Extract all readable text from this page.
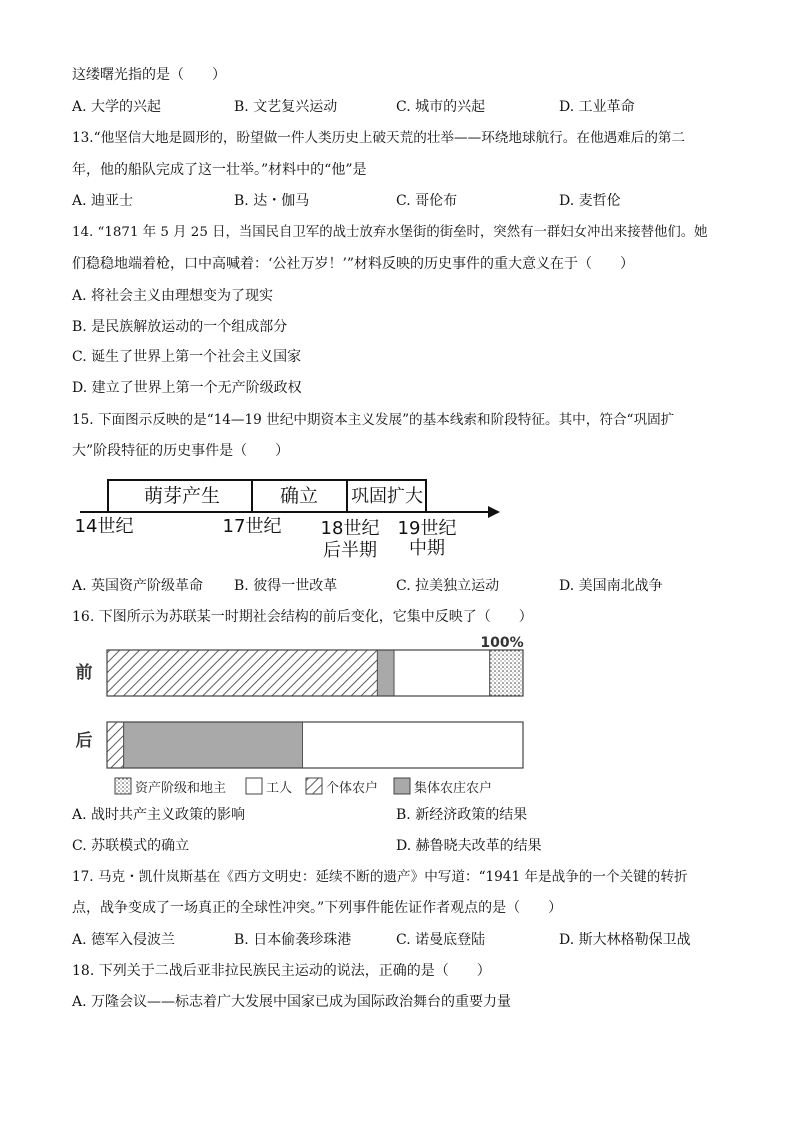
这缕曙光指的是（　　）
A. 大学的兴起	B. 文艺复兴运动	C. 城市的兴起	D. 工业革命
13.“他坚信大地是圆形的，盼望做一件人类历史上破天荒的壮举——环绕地球航行。在他遇难后的第二
年，他的船队完成了这一壮举。”材料中的“他”是
A. 迪亚士	B. 达・伽马	C. 哥伦布	D. 麦哲伦
14. “1871 年 5 月 25 日，当国民自卫军的战士放弃水堡街的街垒时，突然有一群妇女冲出来接替他们。她
们稳稳地端着枪，口中高喊着：‘公社万岁！’”材料反映的历史事件的重大意义在于（　　）
A. 将社会主义由理想变为了现实
B. 是民族解放运动的一个组成部分
C. 诞生了世界上第一个社会主义国家
D. 建立了世界上第一个无产阶级政权
15. 下面图示反映的是“14—19 世纪中期资本主义发展”的基本线索和阶段特征。其中，符合“巩固扩
大”阶段特征的历史事件是（　　）
萌芽产生	确立 巩固扩大
14世纪	17世纪 18世纪
后半期
19世纪
中期
A. 英国资产阶级革命 B. 彼得一世改革	C. 拉美独立运动	D. 美国南北战争
16. 下图所示为苏联某一时期社会结构的前后变化，它集中反映了（　　）
100%
前
后
资产阶级和地主	工人	个体农户	集体农庄农户
A. 战时共产主义政策的影响	B. 新经济政策的结果
C. 苏联模式的确立	D. 赫鲁晓夫改革的结果
17. 马克・凯什岚斯基在《西方文明史：延续不断的遗产》中写道：“1941 年是战争的一个关键的转折
点，战争变成了一场真正的全球性冲突。”下列事件能佐证作者观点的是（　　）
A. 德军入侵波兰	B. 日本偷袭珍珠港	C. 诺曼底登陆	D. 斯大林格勒保卫战
18. 下列关于二战后亚非拉民族民主运动的说法，正确的是（　　）
A. 万隆会议——标志着广大发展中国家已成为国际政治舞台的重要力量
